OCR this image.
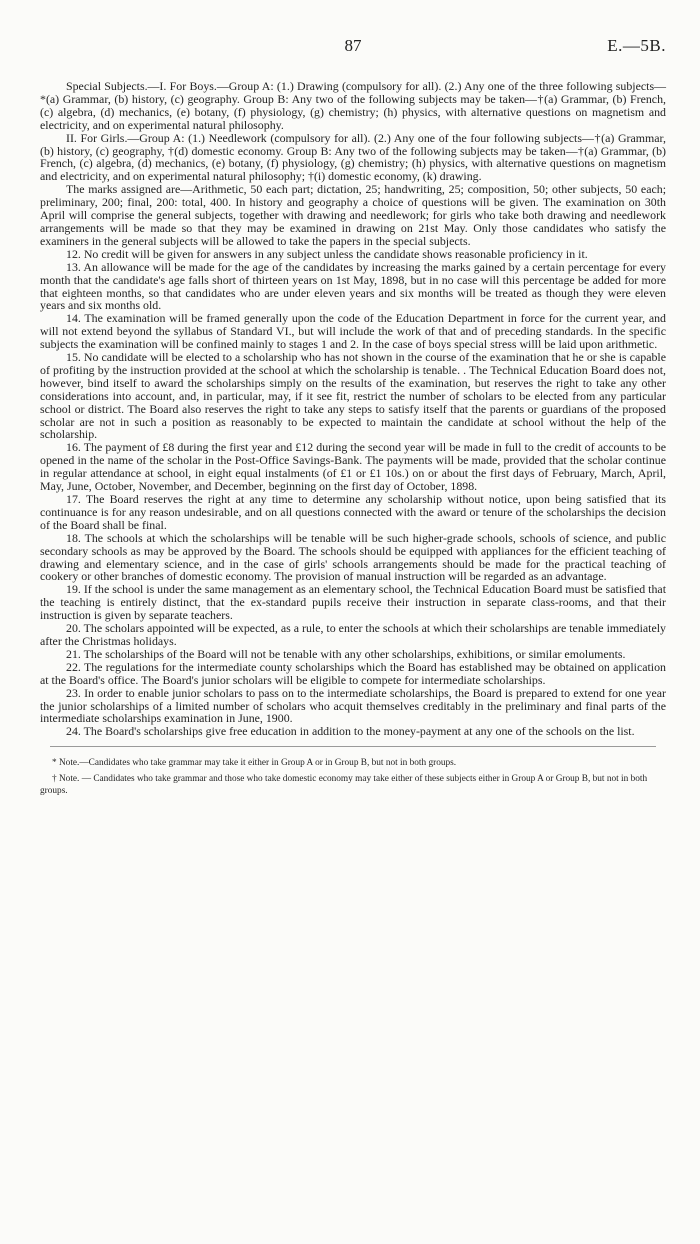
87	E.—5B.

Special Subjects.—I. For Boys.—Group A: (1.) Drawing (compulsory for all). (2.) Any one of the three following subjects—*(a) Grammar, (b) history, (c) geography. Group B: Any two of the following subjects may be taken—†(a) Grammar, (b) French, (c) algebra, (d) mechanics, (e) botany, (f) physiology, (g) chemistry; (h) physics, with alternative questions on magnetism and electricity, and on experimental natural philosophy.

II. For Girls.—Group A: (1.) Needlework (compulsory for all). (2.) Any one of the four following subjects—†(a) Grammar, (b) history, (c) geography, †(d) domestic economy. Group B: Any two of the following subjects may be taken—†(a) Grammar, (b) French, (c) algebra, (d) mechanics, (e) botany, (f) physiology, (g) chemistry; (h) physics, with alternative questions on magnetism and electricity, and on experimental natural philosophy; †(i) domestic economy, (k) drawing.

The marks assigned are—Arithmetic, 50 each part; dictation, 25; handwriting, 25; composition, 50; other subjects, 50 each; preliminary, 200; final, 200: total, 400. In history and geography a choice of questions will be given. The examination on 30th April will comprise the general subjects, together with drawing and needlework; for girls who take both drawing and needlework arrangements will be made so that they may be examined in drawing on 21st May. Only those candidates who satisfy the examiners in the general subjects will be allowed to take the papers in the special subjects.

12. No credit will be given for answers in any subject unless the candidate shows reasonable proficiency in it.

13. An allowance will be made for the age of the candidates by increasing the marks gained by a certain percentage for every month that the candidate's age falls short of thirteen years on 1st May, 1898, but in no case will this percentage be added for more that eighteen months, so that candidates who are under eleven years and six months will be treated as though they were eleven years and six months old.

14. The examination will be framed generally upon the code of the Education Department in force for the current year, and will not extend beyond the syllabus of Standard VI., but will include the work of that and of preceding standards. In the specific subjects the examination will be confined mainly to stages 1 and 2. In the case of boys special stress willl be laid upon arithmetic.

15. No candidate will be elected to a scholarship who has not shown in the course of the examination that he or she is capable of profiting by the instruction provided at the school at which the scholarship is tenable. . The Technical Education Board does not, however, bind itself to award the scholarships simply on the results of the examination, but reserves the right to take any other considerations into account, and, in particular, may, if it see fit, restrict the number of scholars to be elected from any particular school or district. The Board also reserves the right to take any steps to satisfy itself that the parents or guardians of the proposed scholar are not in such a position as reasonably to be expected to maintain the candidate at school without the help of the scholarship.

16. The payment of £8 during the first year and £12 during the second year will be made in full to the credit of accounts to be opened in the name of the scholar in the Post-Office Savings-Bank. The payments will be made, provided that the scholar continue in regular attendance at school, in eight equal instalments (of £1 or £1 10s.) on or about the first days of February, March, April, May, June, October, November, and December, beginning on the first day of October, 1898.

17. The Board reserves the right at any time to determine any scholarship without notice, upon being satisfied that its continuance is for any reason undesirable, and on all questions connected with the award or tenure of the scholarships the decision of the Board shall be final.

18. The schools at which the scholarships will be tenable will be such higher-grade schools, schools of science, and public secondary schools as may be approved by the Board. The schools should be equipped with appliances for the efficient teaching of drawing and elementary science, and in the case of girls' schools arrangements should be made for the practical teaching of cookery or other branches of domestic economy. The provision of manual instruction will be regarded as an advantage.

19. If the school is under the same management as an elementary school, the Technical Education Board must be satisfied that the teaching is entirely distinct, that the ex-standard pupils receive their instruction in separate class-rooms, and that their instruction is given by separate teachers.

20. The scholars appointed will be expected, as a rule, to enter the schools at which their scholarships are tenable immediately after the Christmas holidays.

21. The scholarships of the Board will not be tenable with any other scholarships, exhibitions, or similar emoluments.

22. The regulations for the intermediate county scholarships which the Board has established may be obtained on application at the Board's office. The Board's junior scholars will be eligible to compete for intermediate scholarships.

23. In order to enable junior scholars to pass on to the intermediate scholarships, the Board is prepared to extend for one year the junior scholarships of a limited number of scholars who acquit themselves creditably in the preliminary and final parts of the intermediate scholarships examination in June, 1900.

24. The Board's scholarships give free education in addition to the money-payment at any one of the schools on the list.

* Note.—Candidates who take grammar may take it either in Group A or in Group B, but not in both groups.

† Note. — Candidates who take grammar and those who take domestic economy may take either of these subjects either in Group A or Group B, but not in both groups.
